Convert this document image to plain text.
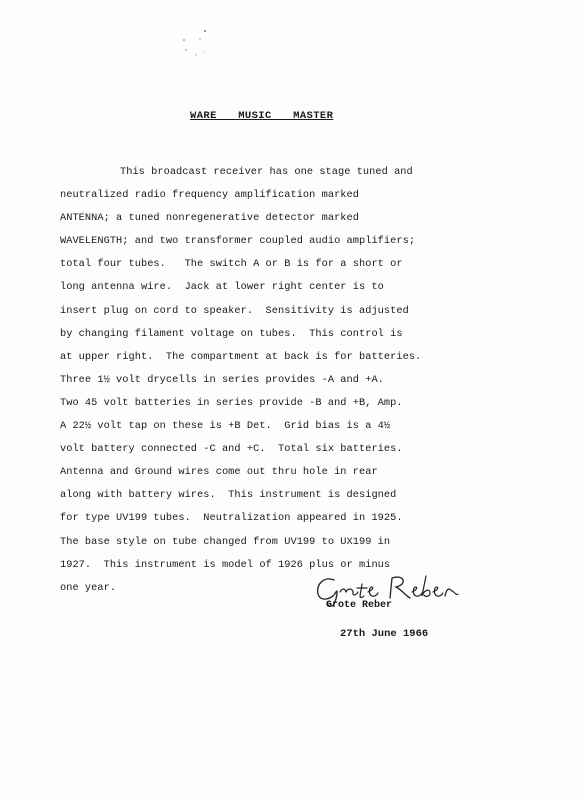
WARE  MUSIC  MASTER
This broadcast receiver has one stage tuned and
neutralized radio frequency amplification marked
ANTENNA; a tuned nonregenerative detector marked
WAVELENGTH; and two transformer coupled audio amplifiers;
total four tubes.   The switch A or B is for a short or
long antenna wire.  Jack at lower right center is to
insert plug on cord to speaker.  Sensitivity is adjusted
by changing filament voltage on tubes.  This control is
at upper right.  The compartment at back is for batteries.
Three 1½ volt drycells in series provides -A and +A.
Two 45 volt batteries in series provide -B and +B, Amp.
A 22½ volt tap on these is +B Det.  Grid bias is a 4½
volt battery connected -C and +C.  Total six batteries.
Antenna and Ground wires come out thru hole in rear
along with battery wires.  This instrument is designed
for type UV199 tubes.  Neutralization appeared in 1925.
The base style on tube changed from UV199 to UX199 in
1927.  This instrument is model of 1926 plus or minus
one year.
Grote Reber
27th June 1966
